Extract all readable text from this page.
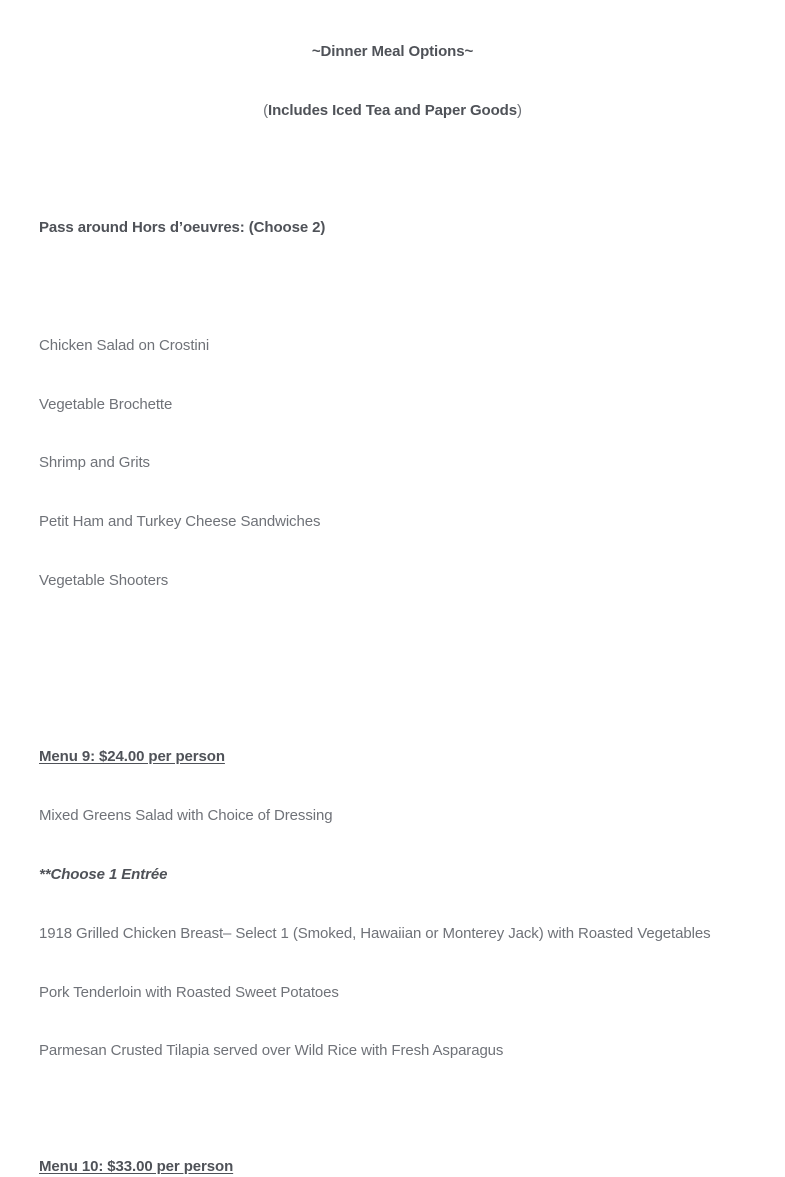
~Dinner Meal Options~
(Includes Iced Tea and Paper Goods)
Pass around Hors d’oeuvres: (Choose 2)
Chicken Salad on Crostini
Vegetable Brochette
Shrimp and Grits
Petit Ham and Turkey Cheese Sandwiches
Vegetable Shooters
Menu 9: $24.00 per person
Mixed Greens Salad with Choice of Dressing
**Choose 1 Entrée
1918 Grilled Chicken Breast– Select 1 (Smoked, Hawaiian or Monterey Jack) with Roasted Vegetables
Pork Tenderloin with Roasted Sweet Potatoes
Parmesan Crusted Tilapia served over Wild Rice with Fresh Asparagus
Menu 10: $33.00 per person
